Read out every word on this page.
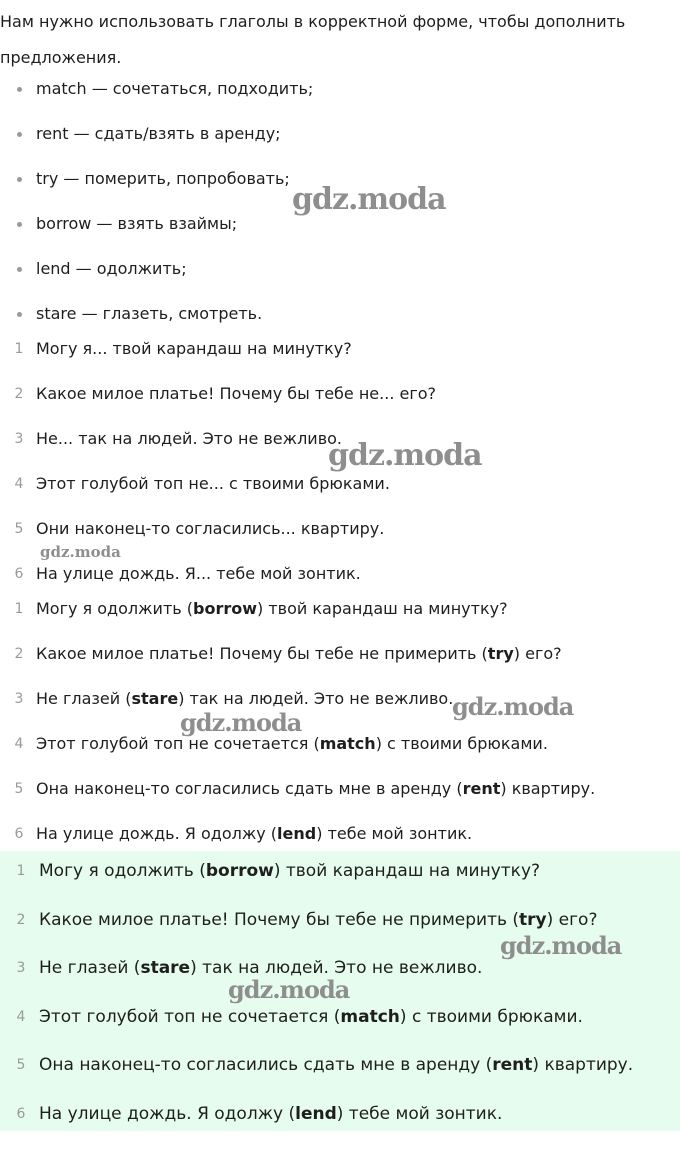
Нам нужно использовать глаголы в корректной форме, чтобы дополнить предложения.
match — сочетаться, подходить;
rent — сдать/взять в аренду;
try — померить, попробовать;
borrow — взять взаймы;
lend — одолжить;
stare — глазеть, смотреть.
1 Могу я... твой карандаш на минутку?
2 Какое милое платье! Почему бы тебе не... его?
3 Не... так на людей. Это не вежливо.
4 Этот голубой топ не... с твоими брюками.
5 Они наконец-то согласились... квартиру.
6 На улице дождь. Я... тебе мой зонтик.
1 Могу я одолжить (borrow) твой карандаш на минутку?
2 Какое милое платье! Почему бы тебе не примерить (try) его?
3 Не глазей (stare) так на людей. Это не вежливо.
4 Этот голубой топ не сочетается (match) с твоими брюками.
5 Она наконец-то согласились сдать мне в аренду (rent) квартиру.
6 На улице дождь. Я одолжу (lend) тебе мой зонтик.
1 Могу я одолжить (borrow) твой карандаш на минутку?
2 Какое милое платье! Почему бы тебе не примерить (try) его?
3 Не глазей (stare) так на людей. Это не вежливо.
4 Этот голубой топ не сочетается (match) с твоими брюками.
5 Она наконец-то согласились сдать мне в аренду (rent) квартиру.
6 На улице дождь. Я одолжу (lend) тебе мой зонтик.
gdz.moda
gdz.moda
gdz.moda
gdz.moda
gdz.moda
gdz.moda
gdz.moda
